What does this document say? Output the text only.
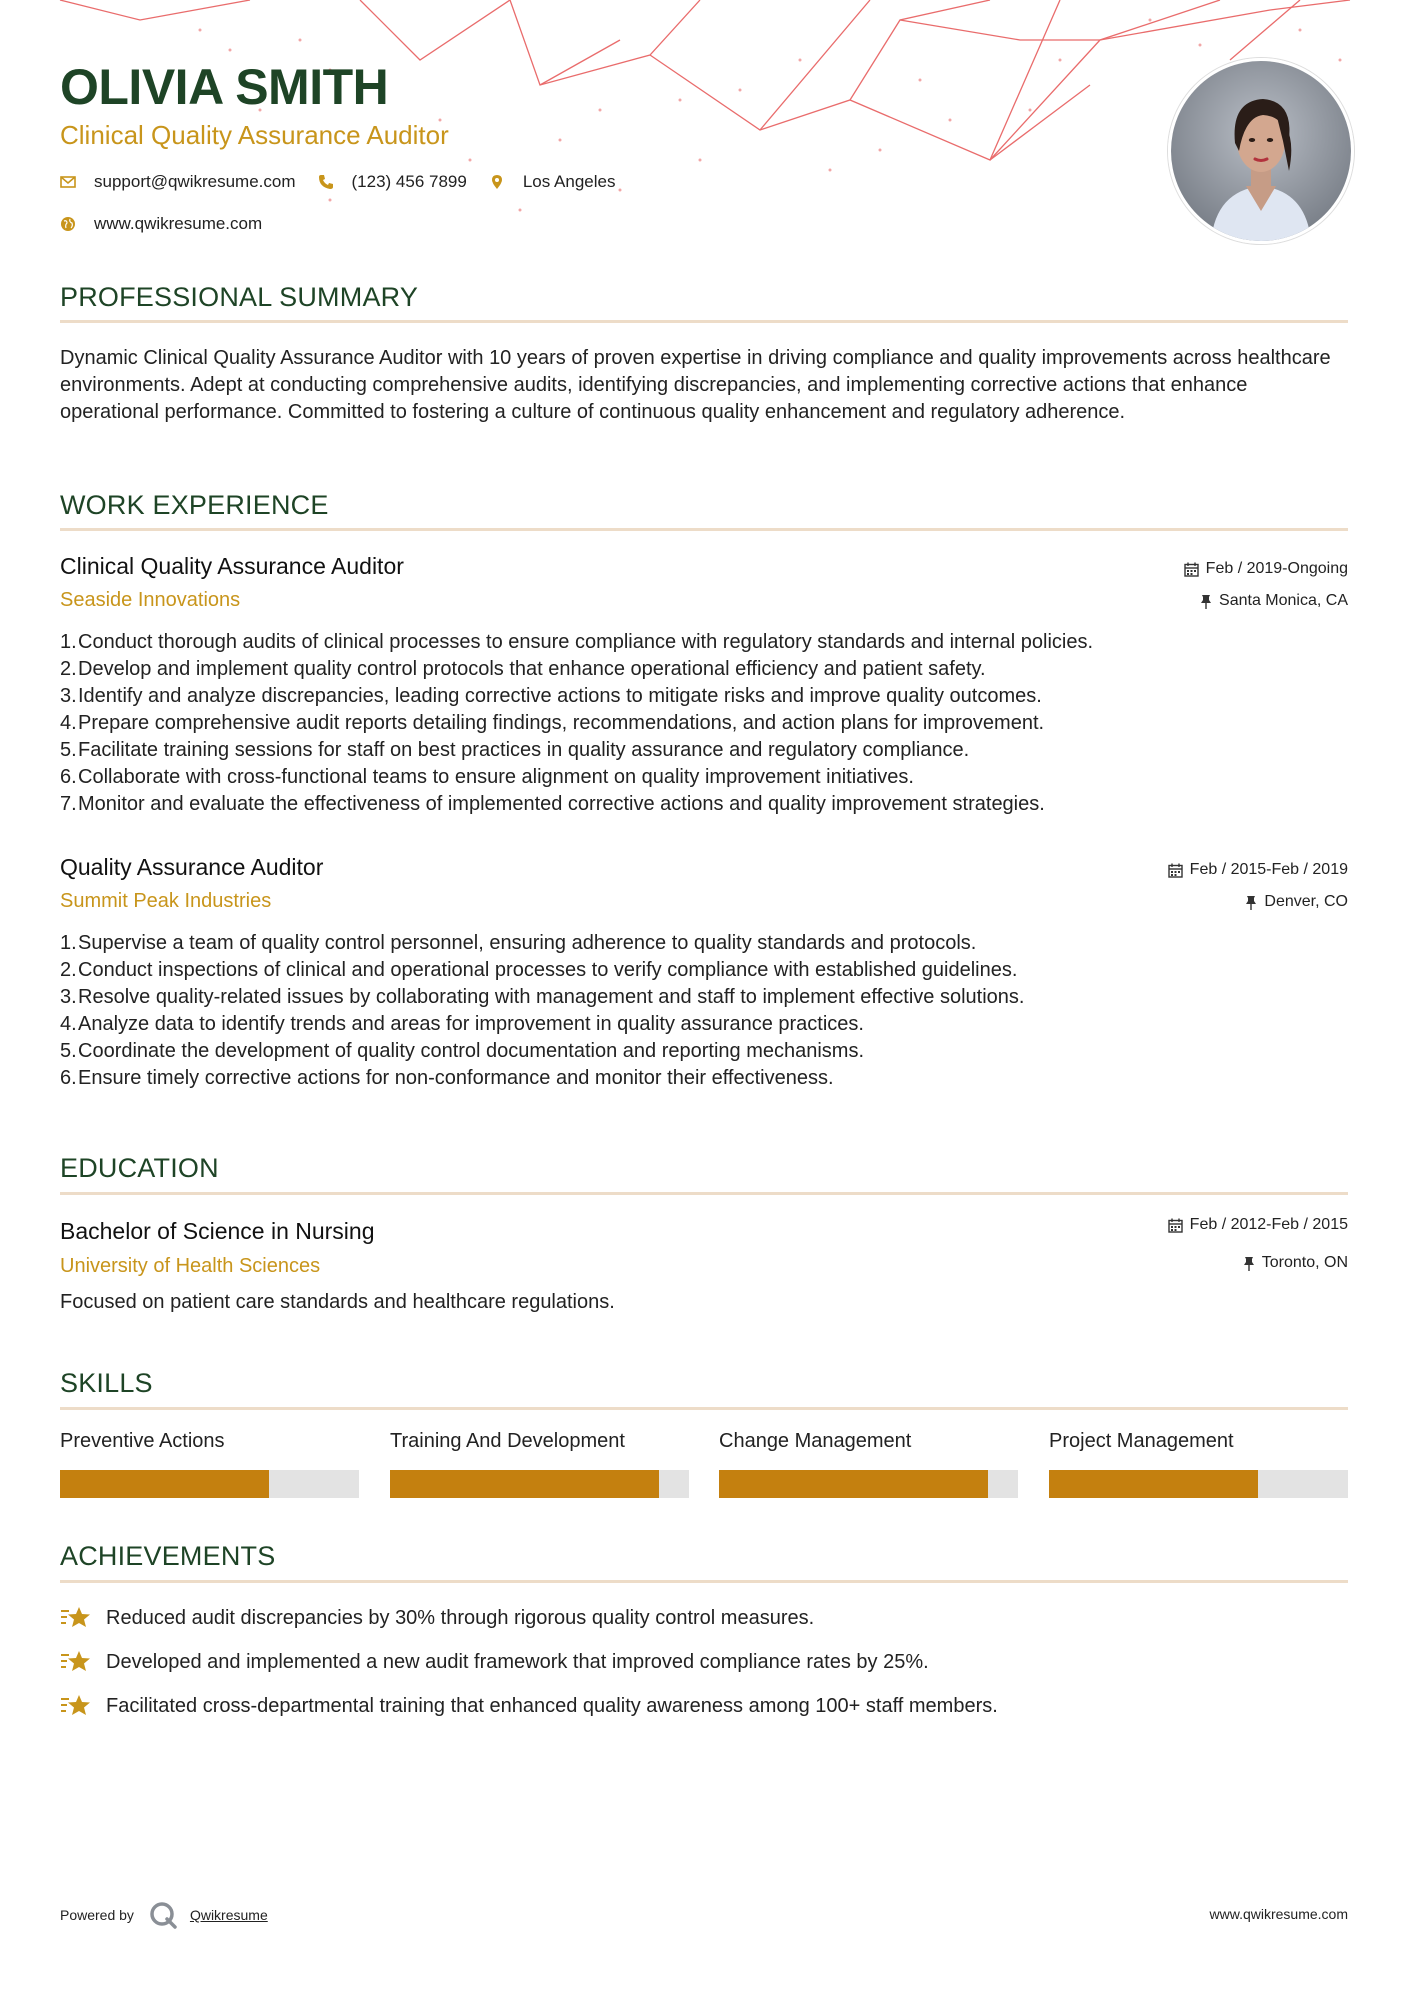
OLIVIA SMITH
Clinical Quality Assurance Auditor
support@qwikresume.com	(123) 456 7899	Los Angeles
www.qwikresume.com
PROFESSIONAL SUMMARY

Dynamic Clinical Quality Assurance Auditor with 10 years of proven expertise in driving compliance and quality improvements across healthcare environments. Adept at conducting comprehensive audits, identifying discrepancies, and implementing corrective actions that enhance operational performance. Committed to fostering a culture of continuous quality enhancement and regulatory adherence.

WORK EXPERIENCE
Clinical Quality Assurance Auditor
Seaside Innovations
Feb / 2019-Ongoing
Santa Monica, CA
1. Conduct thorough audits of clinical processes to ensure compliance with regulatory standards and internal policies.
2. Develop and implement quality control protocols that enhance operational efficiency and patient safety.
3. Identify and analyze discrepancies, leading corrective actions to mitigate risks and improve quality outcomes.
4. Prepare comprehensive audit reports detailing findings, recommendations, and action plans for improvement.
5. Facilitate training sessions for staff on best practices in quality assurance and regulatory compliance.
6. Collaborate with cross-functional teams to ensure alignment on quality improvement initiatives.
7. Monitor and evaluate the effectiveness of implemented corrective actions and quality improvement strategies.
Quality Assurance Auditor
Summit Peak Industries
Feb / 2015-Feb / 2019
Denver, CO
1. Supervise a team of quality control personnel, ensuring adherence to quality standards and protocols.
2. Conduct inspections of clinical and operational processes to verify compliance with established guidelines.
3. Resolve quality-related issues by collaborating with management and staff to implement effective solutions.
4. Analyze data to identify trends and areas for improvement in quality assurance practices.
5. Coordinate the development of quality control documentation and reporting mechanisms.
6. Ensure timely corrective actions for non-conformance and monitor their effectiveness.
EDUCATION
Bachelor of Science in Nursing
University of Health Sciences
Feb / 2012-Feb / 2015
Toronto, ON

Focused on patient care standards and healthcare regulations.

SKILLS
Preventive Actions	Training And Development	Change Management	Project Management
ACHIEVEMENTS
Reduced audit discrepancies by 30% through rigorous quality control measures.
Developed and implemented a new audit framework that improved compliance rates by 25%.
Facilitated cross-departmental training that enhanced quality awareness among 100+ staff members.
Powered by	Qwikresume	www.qwikresume.com
